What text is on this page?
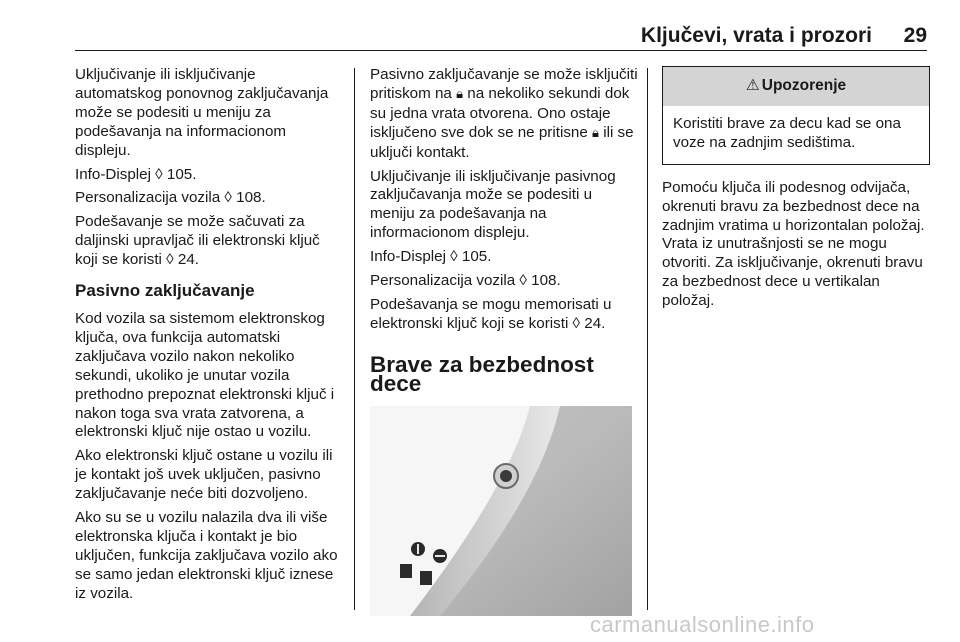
Ključevi, vrata i prozori 29

Uključivanje ili isključivanje automatskog ponovnog zaključavanja može se podesiti u meniju za podešavanja na informacionom displeju.

Info-Displej ◊ 105.

Personalizacija vozila ◊ 108.

Podešavanje se može sačuvati za daljinski upravljač ili elektronski ključ koji se koristi ◊ 24.

Pasivno zaključavanje

Kod vozila sa sistemom elektronskog ključa, ova funkcija automatski zaključava vozilo nakon nekoliko sekundi, ukoliko je unutar vozila prethodno prepoznat elektronski ključ i nakon toga sva vrata zatvorena, a elektronski ključ nije ostao u vozilu.

Ako elektronski ključ ostane u vozilu ili je kontakt još uvek uključen, pasivno zaključavanje neće biti dozvoljeno.

Ako su se u vozilu nalazila dva ili više elektronska ključa i kontakt je bio uključen, funkcija zaključava vozilo ako se samo jedan elektronski ključ iznese iz vozila.

Pasivno zaključavanje se može isključiti pritiskom na 🔒︎ na nekoliko sekundi dok su jedna vrata otvorena. Ono ostaje isključeno sve dok se ne pritisne 🔒︎ ili se uključi kontakt.

Uključivanje ili isključivanje pasivnog zaključavanja može se podesiti u meniju za podešavanja na informacionom displeju.

Info-Displej ◊ 105.

Personalizacija vozila ◊ 108.

Podešavanja se mogu memorisati u elektronski ključ koji se koristi ◊ 24.

Brave za bezbednost dece
⚠ Upozorenje
Koristiti brave za decu kad se ona voze na zadnjim sedištima.

Pomoću ključa ili podesnog odvijača, okrenuti bravu za bezbednost dece na zadnjim vratima u horizontalan položaj. Vrata iz unutrašnjosti se ne mogu otvoriti. Za isključivanje, okrenuti bravu za bezbednost dece u vertikalan položaj.

carmanualsonline.info
